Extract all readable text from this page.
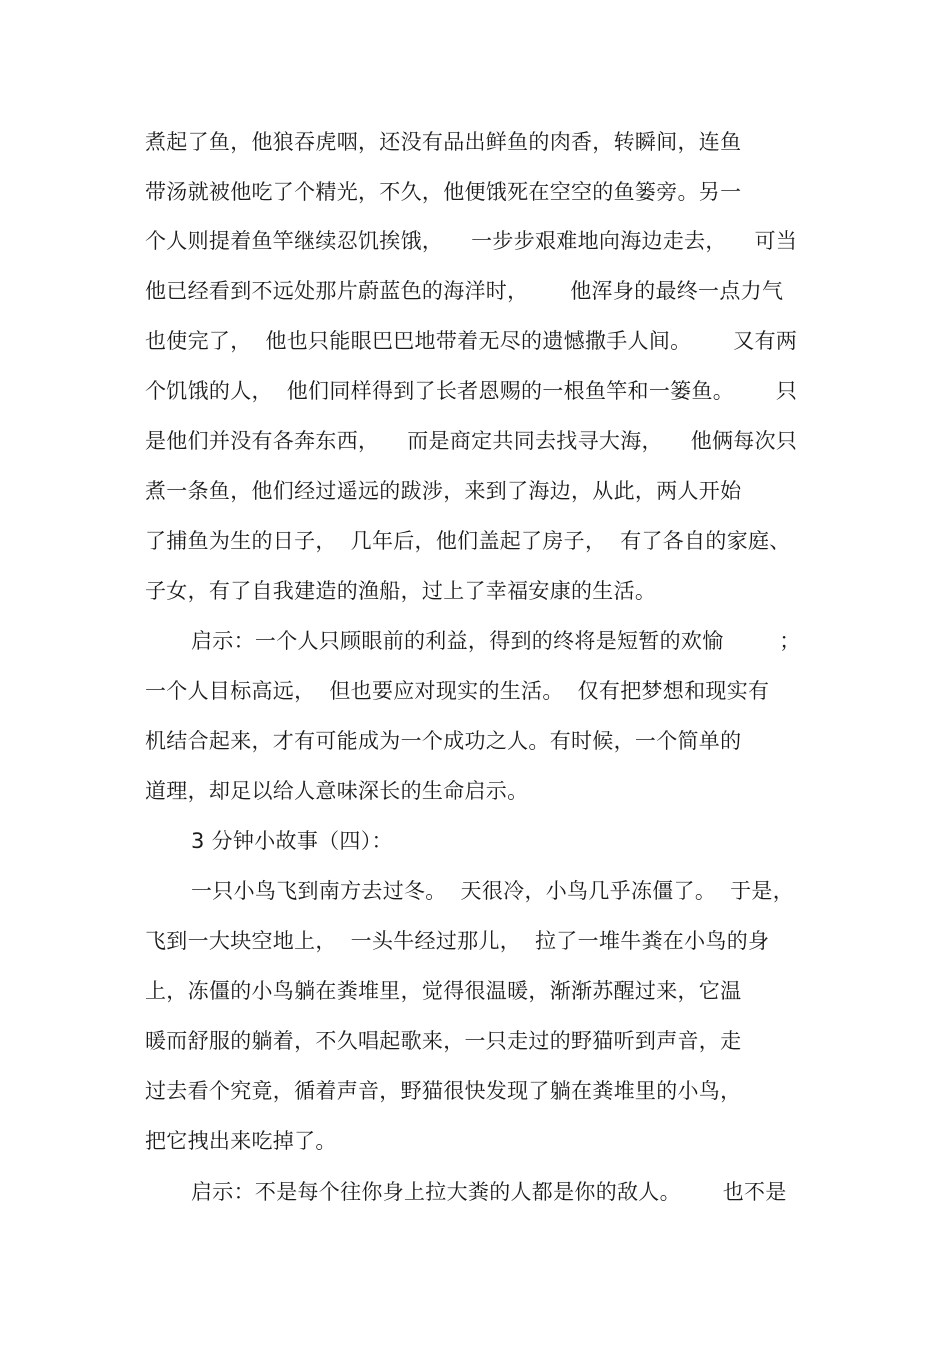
煮起了鱼，他狼吞虎咽，还没有品出鲜鱼的肉香，转瞬间，连鱼
带汤就被他吃了个精光，不久，他便饿死在空空的鱼篓旁。另一
个人则提着鱼竿继续忍饥挨饿，    一步步艰难地向海边走去，    可当
他已经看到不远处那片蔚蓝色的海洋时，      他浑身的最终一点力气
也使完了，  他也只能眼巴巴地带着无尽的遗憾撒手人间。      又有两
个饥饿的人，  他们同样得到了长者恩赐的一根鱼竿和一篓鱼。      只
是他们并没有各奔东西，    而是商定共同去找寻大海，    他俩每次只
煮一条鱼，他们经过遥远的跋涉，来到了海边，从此，两人开始
了捕鱼为生的日子，  几年后，他们盖起了房子，  有了各自的家庭、
子女，有了自我建造的渔船，过上了幸福安康的生活。
启示：一个人只顾眼前的利益，得到的终将是短暂的欢愉        ；
一个人目标高远，  但也要应对现实的生活。  仅有把梦想和现实有
机结合起来，才有可能成为一个成功之人。有时候，一个简单的
道理，却足以给人意味深长的生命启示。
3 分钟小故事（四）：
一只小鸟飞到南方去过冬。  天很冷，小鸟几乎冻僵了。  于是，
飞到一大块空地上，  一头牛经过那儿，  拉了一堆牛粪在小鸟的身
上，冻僵的小鸟躺在粪堆里，觉得很温暖，渐渐苏醒过来，它温
暖而舒服的躺着，不久唱起歌来，一只走过的野猫听到声音，走
过去看个究竟，循着声音，野猫很快发现了躺在粪堆里的小鸟，
把它拽出来吃掉了。
启示：不是每个往你身上拉大粪的人都是你的敌人。      也不是
